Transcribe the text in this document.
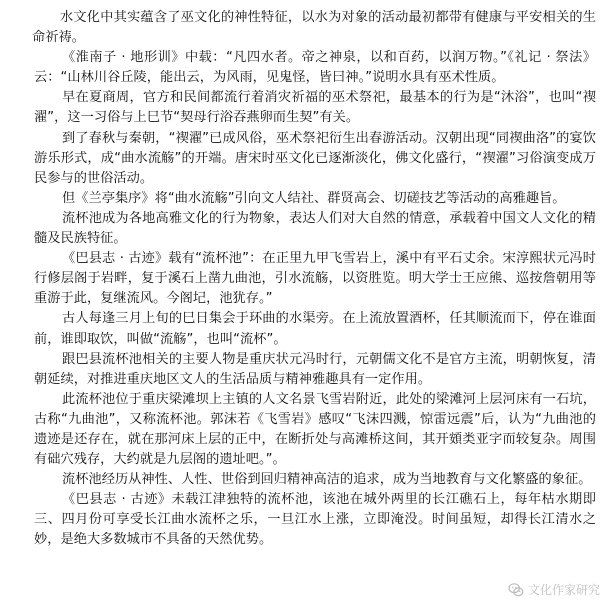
水文化中其实蕴含了巫文化的神性特征，以水为对象的活动最初都带有健康与平安相关的生命祈祷。

《淮南子 · 地形训》中载：“凡四水者。帝之神泉，以和百药，以润万物。”《礼记 · 祭法》云：“山林川谷丘陵，能出云，为风雨，见鬼怪，皆曰神。”说明水具有巫术性质。

早在夏商周，官方和民间都流行着消灾祈福的巫术祭祀，最基本的行为是“沐浴”，也叫“禊濯”，这一习俗与上巳节“契母行浴吞燕卵而生契”有关。

到了春秋与秦朝，“禊濯”已成风俗，巫术祭祀衍生出春游活动。汉朝出现“同禊曲洛”的宴饮游乐形式，成“曲水流觞”的开端。唐宋时巫文化已逐渐淡化，佛文化盛行，“禊濯”习俗演变成万民参与的世俗活动。

但《兰亭集序》将“曲水流觞”引向文人结社、群贤高会、切磋技艺等活动的高雅趣旨。

流杯池成为各地高雅文化的行为物象，表达人们对大自然的情意，承载着中国文人文化的精髓及民族特征。

《巴县志 · 古迹》载有“流杯池”：在正里九甲飞雪岩上，溪中有平石丈余。宋淳熙状元冯时行修层阁于岩畔，复于溪石上凿九曲池，引水流觞，以资胜览。明大学士王应熊、巡按詹朝用等重游于此，复继流风。今阁圮，池犹存。”

古人每逢三月上旬的巳日集会于环曲的水渠旁。在上流放置酒杯，任其顺流而下，停在谁面前，谁即取饮，叫做“流觞”，也叫“流杯”。

跟巴县流杯池相关的主要人物是重庆状元冯时行，元朝儒文化不是官方主流，明朝恢复，清朝延续，对推进重庆地区文人的生活品质与精神雅趣具有一定作用。

此流杯池位于重庆梁滩坝上主镇的人文名景飞雪岩附近，此处的梁滩河上层河床有一石坑，古称“九曲池”，又称流杯池。郭沫若《飞雪岩》感叹“飞沫四溅，惊雷远震”后，认为“九曲池的遗迹是还存在，就在那河床上层的正中，在断折处与高滩桥这间，其开頞类亚字而较复杂。周围有础穴残存，大约就是九层阁的遗址吧。”。

流杯池经历从神性、人性、世俗到回归精神高洁的追求，成为当地教育与文化繁盛的象征。

《巴县志 · 古迹》未载江津独特的流杯池，该池在城外两里的长江礁石上，每年枯水期即三、四月份可享受长江曲水流杯之乐，一旦江水上涨，立即淹没。时间虽短，却得长江清水之妙，是绝大多数城市不具备的天然优势。

文化作家研究
